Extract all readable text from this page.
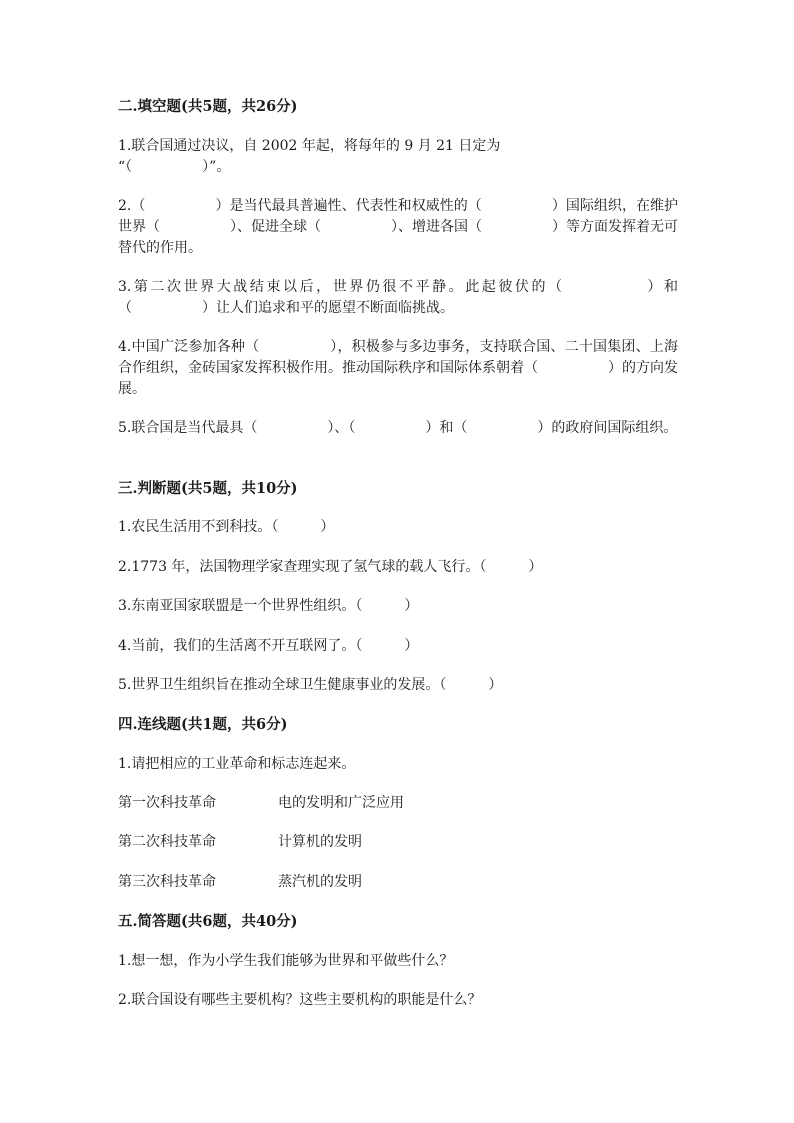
二.填空题(共5题，共26分)
1.联合国通过决议，自 2002 年起，将每年的 9 月 21 日定为
“（　　　　　）”。
2.（　　　　　）是当代最具普遍性、代表性和权威性的（　　　　　）国际组织，在维护世界（　　　　　）、促进全球（　　　　　）、增进各国（　　　　　）等方面发挥着无可替代的作用。
3.第二次世界大战结束以后，世界仍很不平静。此起彼伏的（　　　　　）和（　　　　　）让人们追求和平的愿望不断面临挑战。
4.中国广泛参加各种（　　　　　），积极参与多边事务，支持联合国、二十国集团、上海合作组织，金砖国家发挥积极作用。推动国际秩序和国际体系朝着（　　　　　）的方向发展。
5.联合国是当代最具（　　　　　）、（　　　　　）和（　　　　　）的政府间国际组织。
三.判断题(共5题，共10分)
1.农民生活用不到科技。（　　　）
2.1773 年，法国物理学家查理实现了氢气球的载人飞行。（　　　）
3.东南亚国家联盟是一个世界性组织。（　　　）
4.当前，我们的生活离不开互联网了。（　　　）
5.世界卫生组织旨在推动全球卫生健康事业的发展。（　　　）
四.连线题(共1题，共6分)
1.请把相应的工业革命和标志连起来。
第一次科技革命	电的发明和广泛应用
第二次科技革命	计算机的发明
第三次科技革命	蒸汽机的发明
五.简答题(共6题，共40分)
1.想一想，作为小学生我们能够为世界和平做些什么？
2.联合国设有哪些主要机构？这些主要机构的职能是什么？
